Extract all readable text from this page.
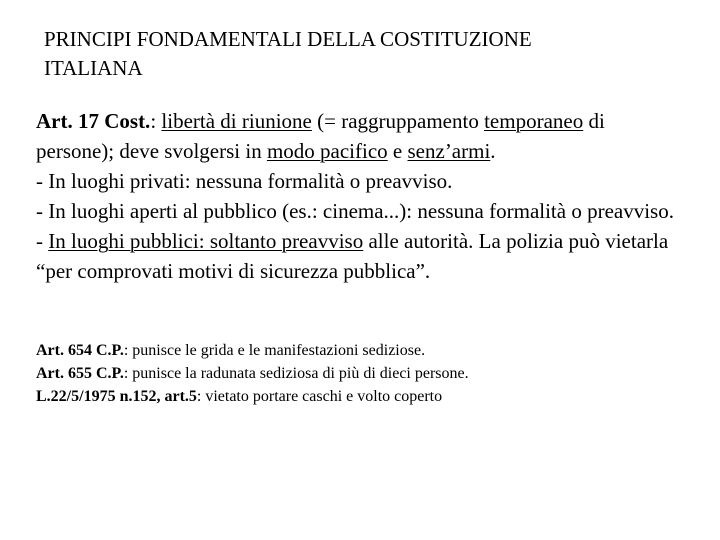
PRINCIPI FONDAMENTALI DELLA COSTITUZIONE
ITALIANA

Art. 17 Cost.: libertà di riunione (= raggruppamento temporaneo di persone); deve svolgersi in modo pacifico e senz’armi.

- In luoghi privati: nessuna formalità o preavviso.

- In luoghi aperti al pubblico (es.: cinema...): nessuna formalità o preavviso.

- In luoghi pubblici: soltanto preavviso alle autorità. La polizia può vietarla “per comprovati motivi di sicurezza pubblica”.

Art. 654 C.P.: punisce le grida e le manifestazioni sediziose.

Art. 655 C.P.: punisce la radunata sediziosa di più di dieci persone.

L.22/5/1975 n.152, art.5: vietato portare caschi e volto coperto
